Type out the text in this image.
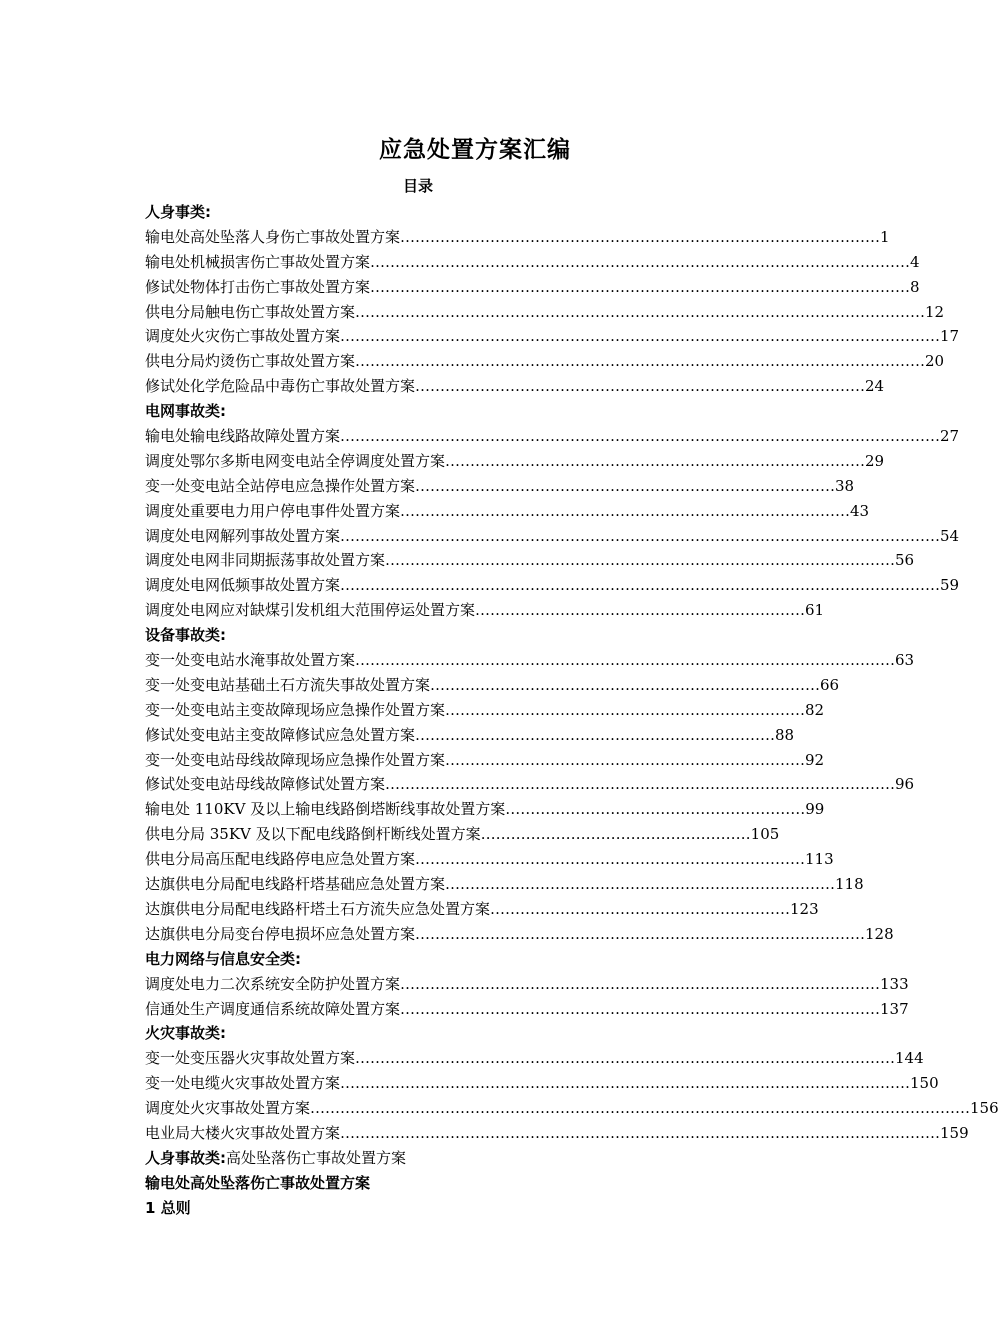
应急处置方案汇编
目录
人身事类:
输电处高处坠落人身伤亡事故处置方案……………………………………………………………………………………1
输电处机械损害伤亡事故处置方案………………………………………………………………………………………………4
修试处物体打击伤亡事故处置方案………………………………………………………………………………………………8
供电分局触电伤亡事故处置方案……………………………………………………………………………………………………12
调度处火灾伤亡事故处置方案…………………………………………………………………………………………………………17
供电分局灼烫伤亡事故处置方案……………………………………………………………………………………………………20
修试处化学危险品中毒伤亡事故处置方案………………………………………………………………………………24
电网事故类:
输电处输电线路故障处置方案…………………………………………………………………………………………………………27
调度处鄂尔多斯电网变电站全停调度处置方案…………………………………………………………………………29
变一处变电站全站停电应急操作处置方案…………………………………………………………………………38
调度处重要电力用户停电事件处置方案………………………………………………………………………………43
调度处电网解列事故处置方案…………………………………………………………………………………………………………54
调度处电网非同期振荡事故处置方案…………………………………………………………………………………………56
调度处电网低频事故处置方案…………………………………………………………………………………………………………59
调度处电网应对缺煤引发机组大范围停运处置方案…………………………………………………………61
设备事故类:
变一处变电站水淹事故处置方案………………………………………………………………………………………………63
变一处变电站基础土石方流失事故处置方案……………………………………………………………………66
变一处变电站主变故障现场应急操作处置方案………………………………………………………………82
修试处变电站主变故障修试应急处置方案………………………………………………………………88
变一处变电站母线故障现场应急操作处置方案………………………………………………………………92
修试处变电站母线故障修试处置方案…………………………………………………………………………………………96
输电处 110KV 及以上输电线路倒塔断线事故处置方案……………………………………………………99
供电分局 35KV 及以下配电线路倒杆断线处置方案………………………………………………105
供电分局高压配电线路停电应急处置方案……………………………………………………………………113
达旗供电分局配电线路杆塔基础应急处置方案……………………………………………………………………118
达旗供电分局配电线路杆塔土石方流失应急处置方案……………………………………………………123
达旗供电分局变台停电损坏应急处置方案………………………………………………………………………………128
电力网络与信息安全类:
调度处电力二次系统安全防护处置方案……………………………………………………………………………………133
信通处生产调度通信系统故障处置方案……………………………………………………………………………………137
火灾事故类:
变一处变压器火灾事故处置方案………………………………………………………………………………………………144
变一处电缆火灾事故处置方案……………………………………………………………………………………………………150
调度处火灾事故处置方案……………………………………………………………………………………………………………………156
电业局大楼火灾事故处置方案…………………………………………………………………………………………………………159
人身事故类:高处坠落伤亡事故处置方案
输电处高处坠落伤亡事故处置方案
1 总则
